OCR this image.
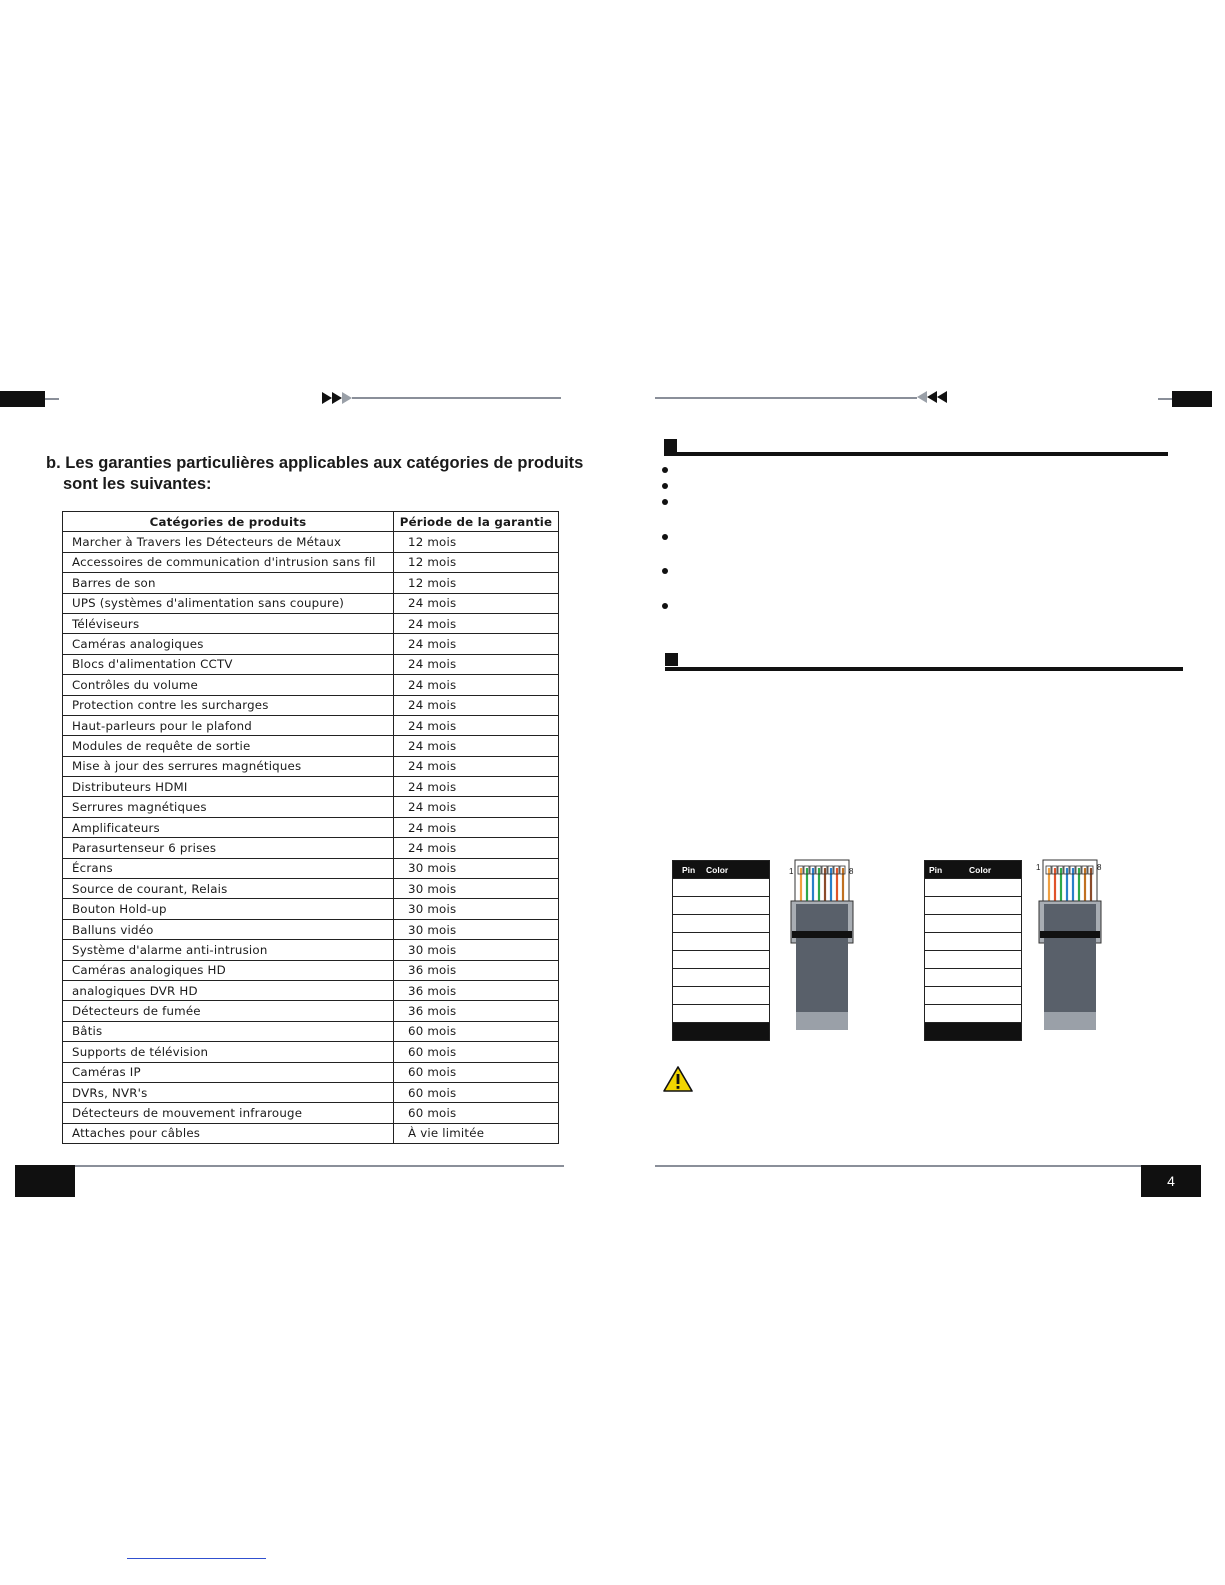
b. Les garanties particulières applicables aux catégories de produits
sont les suivantes:
Catégories de produits	Période de la garantie
Marcher à Travers les Détecteurs de Métaux	12 mois
Accessoires de communication d'intrusion sans fil	12 mois
Barres de son	12 mois
UPS (systèmes d'alimentation sans coupure)	24 mois
Téléviseurs	24 mois
Caméras analogiques	24 mois
Blocs d'alimentation CCTV	24 mois
Contrôles du volume	24 mois
Protection contre les surcharges	24 mois
Haut-parleurs pour le plafond	24 mois
Modules de requête de sortie	24 mois
Mise à jour des serrures magnétiques	24 mois
Distributeurs HDMI	24 mois
Serrures magnétiques	24 mois
Amplificateurs	24 mois
Parasurtenseur 6 prises	24 mois
Écrans	30 mois
Source de courant, Relais	30 mois
Bouton Hold-up	30 mois
Balluns vidéo	30 mois
Système d'alarme anti-intrusion	30 mois
Caméras analogiques HD	36 mois
analogiques DVR HD	36 mois
Détecteurs de fumée	36 mois
Bâtis	60 mois
Supports de télévision	60 mois
Caméras IP	60 mois
DVRs, NVR's	60 mois
Détecteurs de mouvement infrarouge	60 mois
Attaches pour câbles	À vie limitée
Pin	Color	1	8	Pin	Color	1	8
4
